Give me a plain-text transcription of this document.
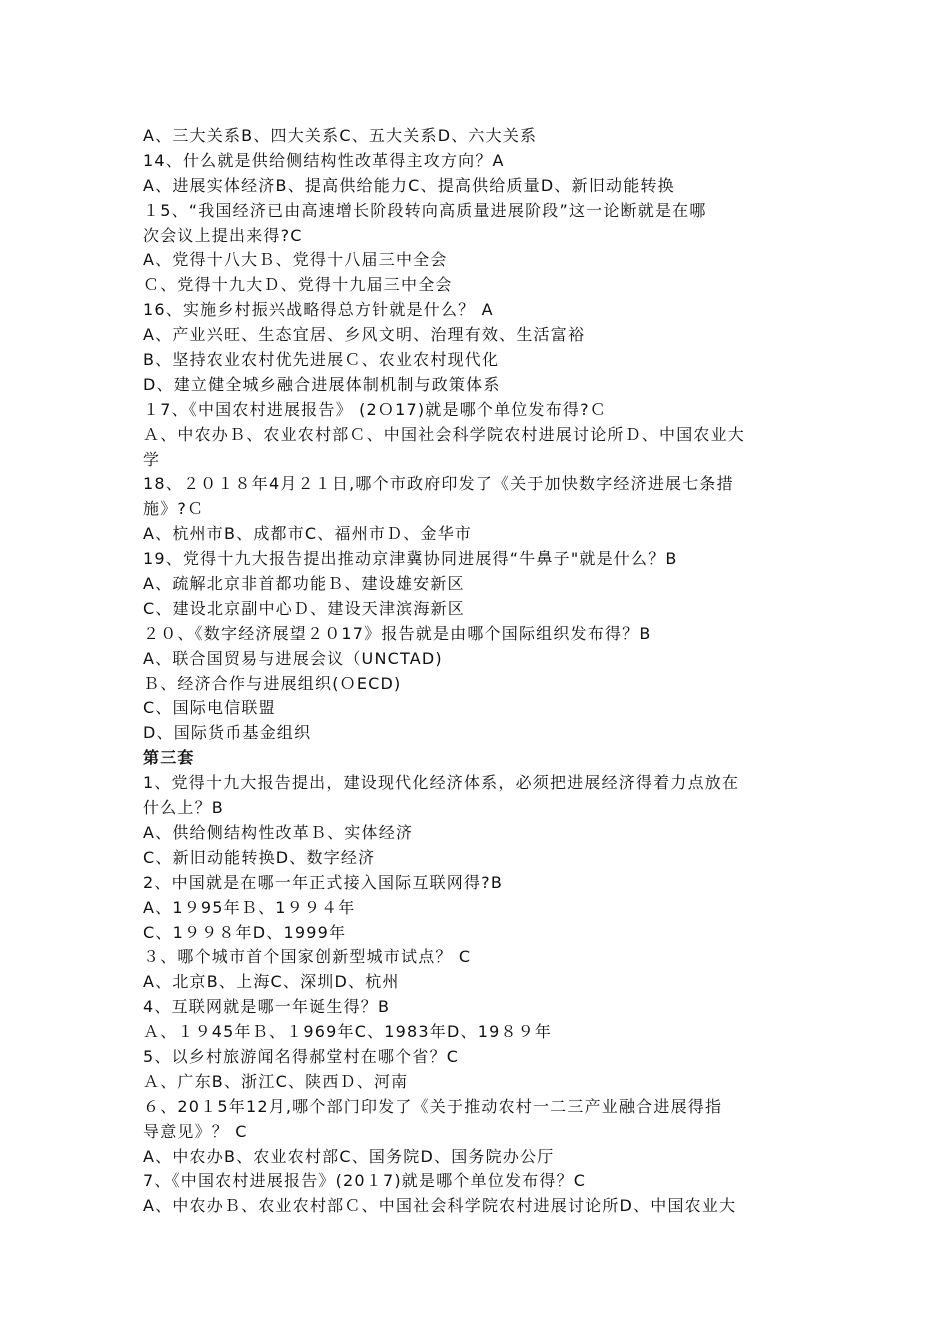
A、三大关系B、四大关系C、五大关系D、六大关系
14、什么就是供给侧结构性改革得主攻方向？A
A、进展实体经济B、提高供给能力C、提高供给质量D、新旧动能转换
１5、“我国经济已由高速增长阶段转向高质量进展阶段”这一论断就是在哪
次会议上提出来得?C
A、党得十八大Ｂ、党得十八届三中全会
Ｃ、党得十九大Ｄ、党得十九届三中全会
16、实施乡村振兴战略得总方针就是什么？ A
A、产业兴旺、生态宜居、乡风文明、治理有效、生活富裕
B、坚持农业农村优先进展Ｃ、农业农村现代化
D、建立健全城乡融合进展体制机制与政策体系
１7、《中国农村进展报告》 (2Ｏ17)就是哪个单位发布得?Ｃ
Ａ、中农办Ｂ、农业农村部Ｃ、中国社会科学院农村进展讨论所Ｄ、中国农业大
学
18、２０１８年4月２１日,哪个市政府印发了《关于加快数字经济进展七条措
施》?Ｃ
A、杭州市B、成都市C、福州市Ｄ、金华市
19、党得十九大报告提出推动京津冀协同进展得“牛鼻子"就是什么？B
A、疏解北京非首都功能Ｂ、建设雄安新区
C、建设北京副中心Ｄ、建设天津滨海新区
２０、《数字经济展望２０17》报告就是由哪个国际组织发布得？B
A、联合国贸易与进展会议（UNCTAD)
Ｂ、经济合作与进展组织(ＯECD)
C、国际电信联盟
D、国际货币基金组织
第三套
1、党得十九大报告提出，建设现代化经济体系，必须把进展经济得着力点放在
什么上？B
A、供给侧结构性改革Ｂ、实体经济
C、新旧动能转换D、数字经济
2、中国就是在哪一年正式接入国际互联网得?B
A、1９95年Ｂ、1９９４年
C、1９９８年D、1999年
３、哪个城市首个国家创新型城市试点？ C
A、北京B、上海C、深圳D、杭州
4、互联网就是哪一年诞生得？B
Ａ、１９45年Ｂ、１969年C、1983年D、19８９年
5、以乡村旅游闻名得郝堂村在哪个省？C
Ａ、广东B、浙江C、陕西Ｄ、河南
６、20１5年12月,哪个部门印发了《关于推动农村一二三产业融合进展得指
导意见》？ C
A、中农办B、农业农村部C、国务院D、国务院办公厅
7、《中国农村进展报告》(20１7)就是哪个单位发布得？C
A、中农办Ｂ、农业农村部Ｃ、中国社会科学院农村进展讨论所D、中国农业大
